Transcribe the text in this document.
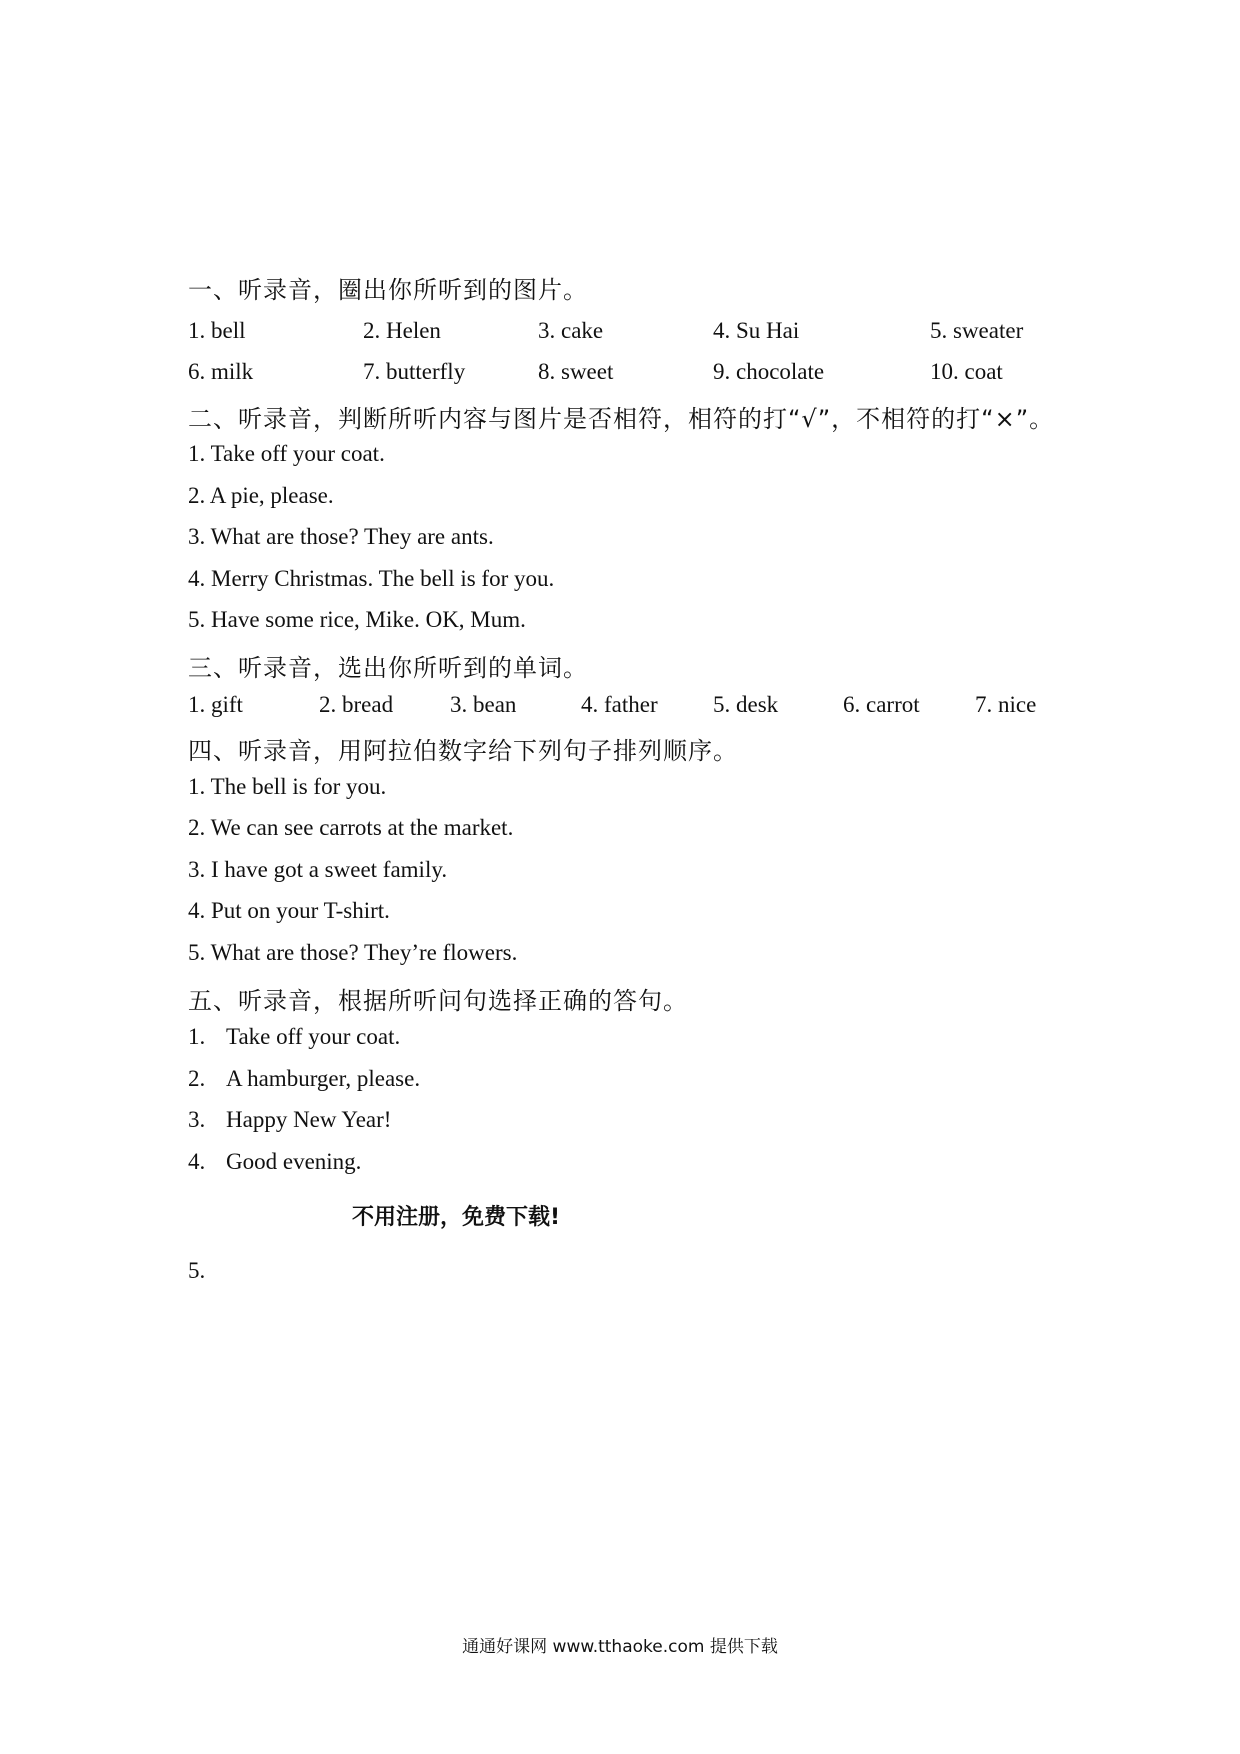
一、听录音，圈出你所听到的图片。
1. bell	2. Helen	3. cake	4. Su Hai	5. sweater
6. milk	7. butterfly	8. sweet	9. chocolate	10. coat
二、听录音，判断所听内容与图片是否相符，相符的打“√”，不相符的打“×”。
1. Take off your coat.
2. A pie, please.
3. What are those? They are ants.
4. Merry Christmas. The bell is for you.
5. Have some rice, Mike. OK, Mum.
三、听录音，选出你所听到的单词。
1. gift	2. bread 3. bean	4. father 5. desk	6. carrot 7. nice
四、听录音，用阿拉伯数字给下列句子排列顺序。
1. The bell is for you.
2. We can see carrots at the market.
3. I have got a sweet family.
4. Put on your T-shirt.
5. What are those? They’re flowers.
五、听录音，根据所听问句选择正确的答句。
1. Take off your coat.
2. A hamburger, please.
3. Happy New Year!
4. Good evening.
不用注册，免费下载!
5.
通通好课网 www.tthaoke.com 提供下载
